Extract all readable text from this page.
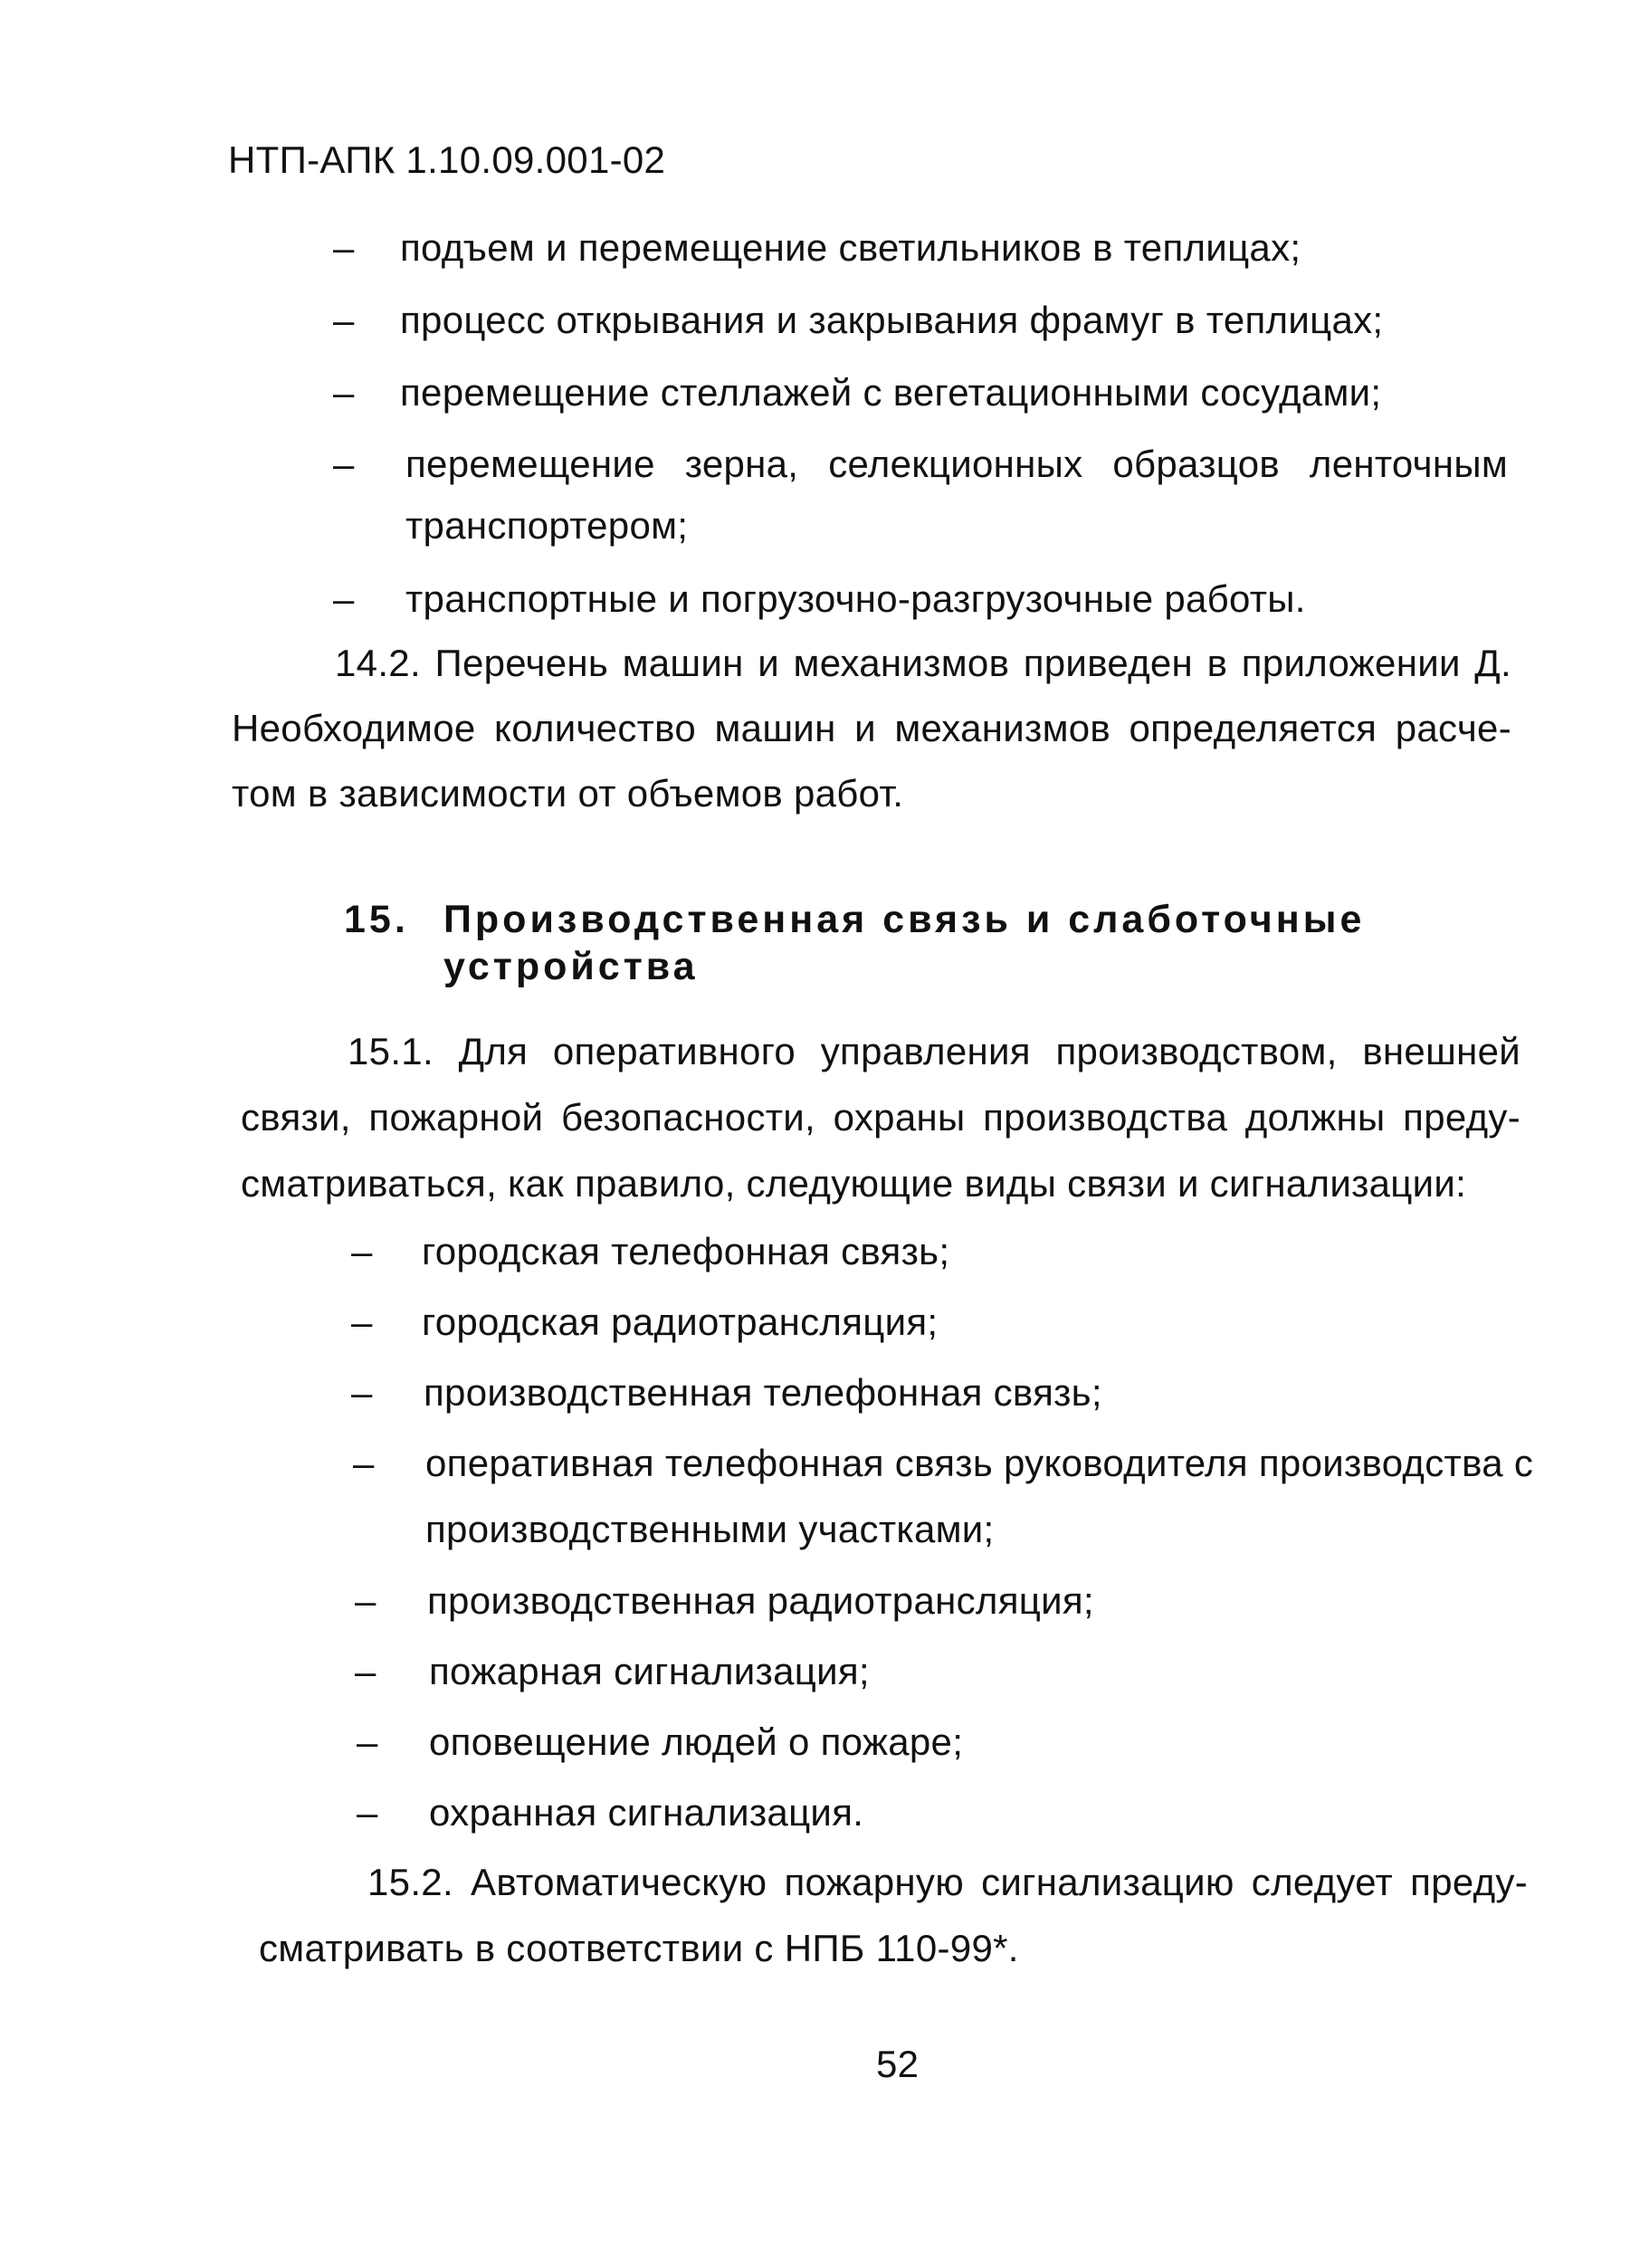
НТП-АПК 1.10.09.001-02
– подъем и перемещение светильников в теплицах;
– процесс открывания и закрывания фрамуг в теплицах;
– перемещение стеллажей с вегетационными сосудами;
– перемещение зерна, селекционных образцов ленточным
транспортером;
– транспортные и погрузочно-разгрузочные работы.
14.2. Перечень машин и механизмов приведен в приложении Д.
Необходимое количество машин и механизмов определяется расче-
том в зависимости от объемов работ.
15. Производственная связь и слаботочные
устройства
15.1. Для оперативного управления производством, внешней
связи, пожарной безопасности, охраны производства должны преду-
сматриваться, как правило, следующие виды связи и сигнализации:
– городская телефонная связь;
– городская радиотрансляция;
– производственная телефонная связь;
– оперативная телефонная связь руководителя производства с
производственными участками;
– производственная радиотрансляция;
– пожарная сигнализация;
– оповещение людей о пожаре;
– охранная сигнализация.
15.2. Автоматическую пожарную сигнализацию следует преду-
сматривать в соответствии с НПБ 110-99*.
52
